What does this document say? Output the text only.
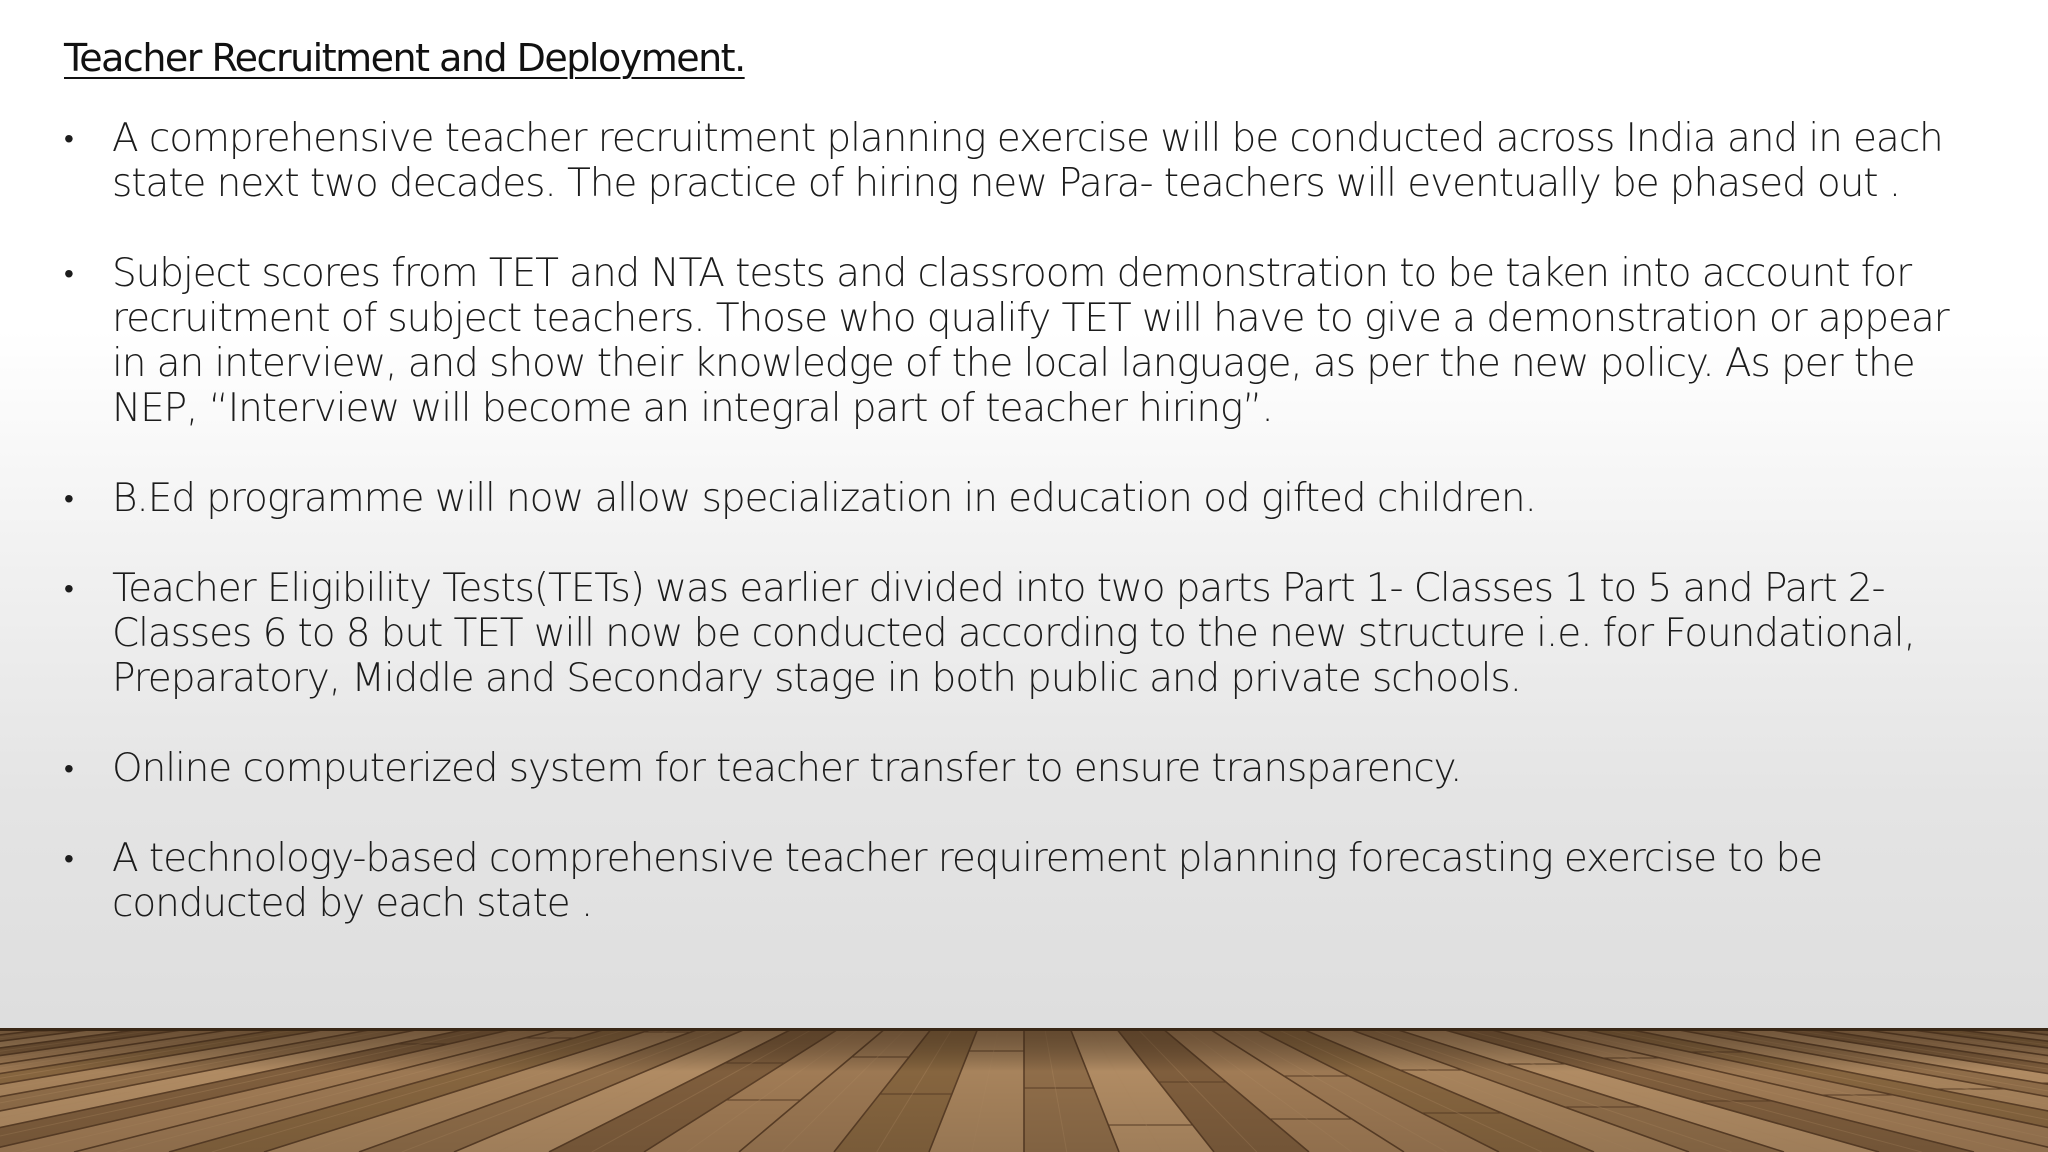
Teacher Recruitment and Deployment.
•	A comprehensive teacher recruitment planning exercise will be conducted across India and in each state next two decades. The practice of hiring new Para- teachers will eventually be phased out .
•	Subject scores from TET and NTA tests and classroom demonstration to be taken into account for recruitment of subject teachers. Those who qualify TET will have to give a demonstration or appear in an interview, and show their knowledge of the local language, as per the new policy. As per the NEP, “Interview will become an integral part of teacher hiring”.
•	B.Ed programme will now allow specialization in education od gifted children.
•	Teacher Eligibility Tests(TETs) was earlier divided into two parts Part 1- Classes 1 to 5 and Part 2- Classes 6 to 8 but TET will now be conducted according to the new structure i.e. for Foundational, Preparatory, Middle and Secondary stage in both public and private schools.
•	Online computerized system for teacher transfer to ensure transparency.
•	A technology-based comprehensive teacher requirement planning forecasting exercise to be conducted by each state .
